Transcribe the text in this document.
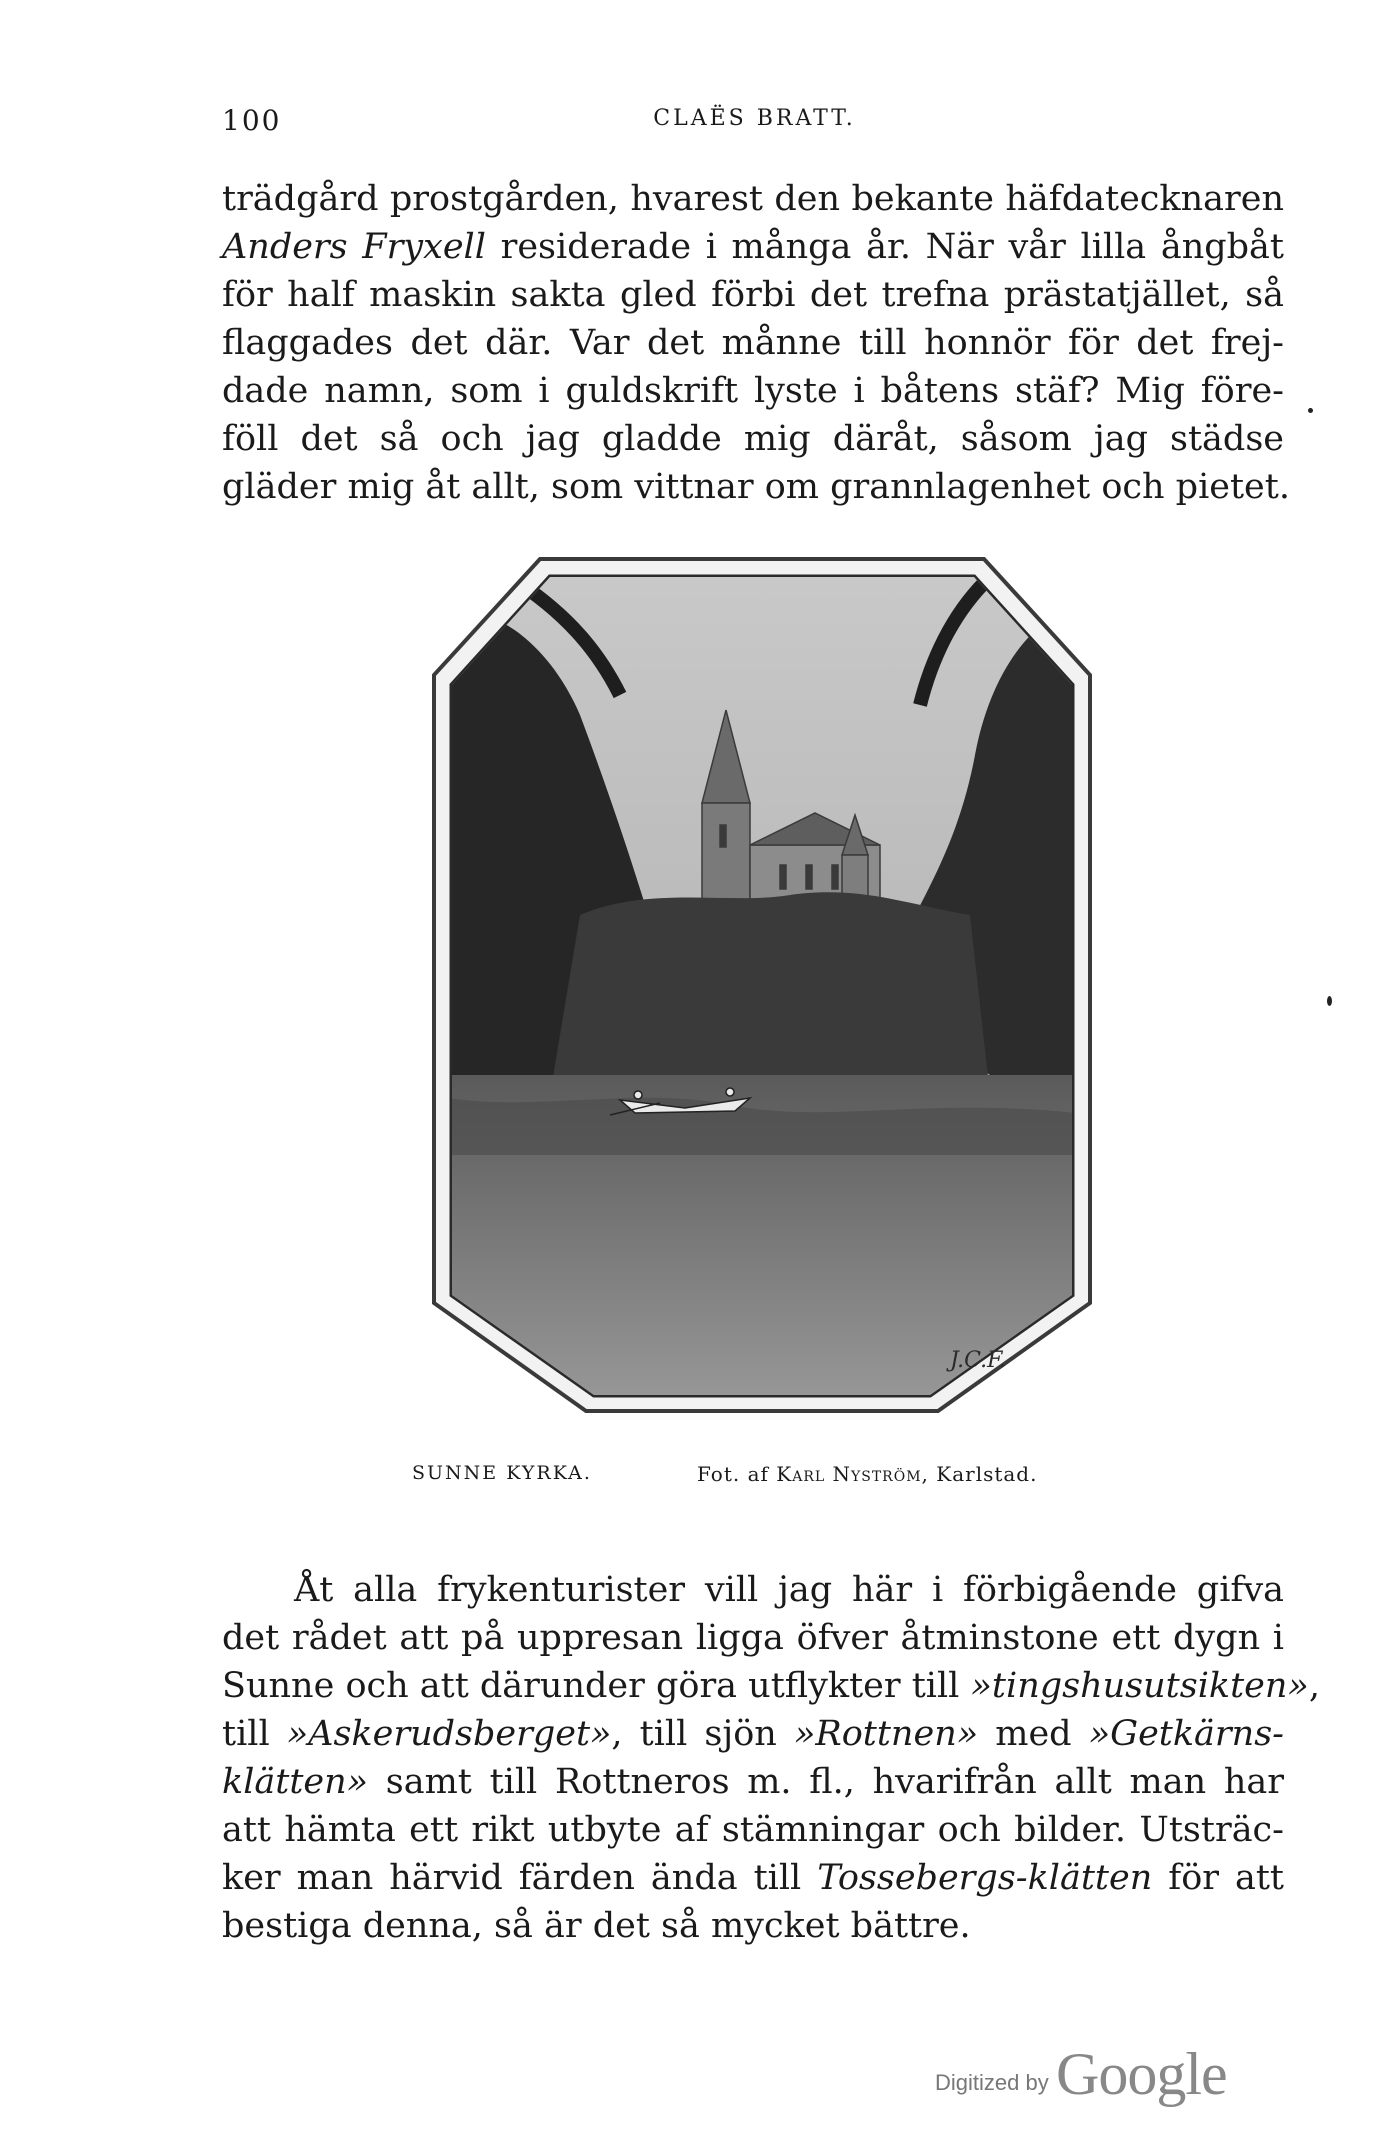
100	CLAËS BRATT.
trädgård prostgården, hvarest den bekante häfdatecknaren
Anders Fryxell residerade i många år. När vår lilla ångbåt
för half maskin sakta gled förbi det trefna prästatjället, så
flaggades det där. Var det månne till honnör för det frej-
dade namn, som i guldskrift lyste i båtens stäf? Mig före-
föll det så och jag gladde mig däråt, såsom jag städse
gläder mig åt allt, som vittnar om grannlagenhet och pietet.
J.C.F.
SUNNE KYRKA.	Fot. af Karl Nyström, Karlstad.
Åt alla frykenturister vill jag här i förbigående gifva
det rådet att på uppresan ligga öfver åtminstone ett dygn i
Sunne och att därunder göra utflykter till »tingshusutsikten»,
till »Askerudsberget», till sjön »Rottnen» med »Getkärns-
klätten» samt till Rottneros m. fl., hvarifrån allt man har
att hämta ett rikt utbyte af stämningar och bilder. Utsträc-
ker man härvid färden ända till Tossebergs-klätten för att
bestiga denna, så är det så mycket bättre.
Digitized by Google
